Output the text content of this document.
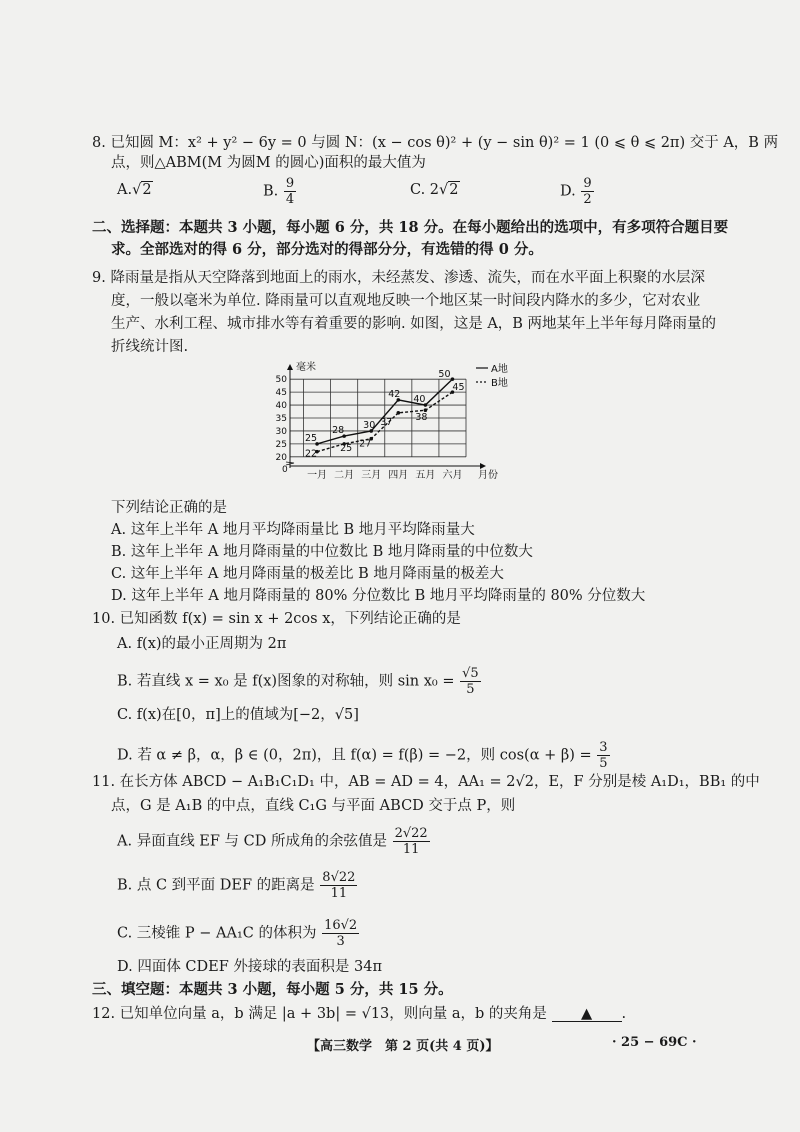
8. 已知圆 M：x² + y² − 6y = 0 与圆 N：(x − cos θ)² + (y − sin θ)² = 1 (0 ⩽ θ ⩽ 2π) 交于 A，B 两
点，则△ABM(M 为圆M 的圆心)面积的最大值为
A.√2	B. $\frac{9}{4}$	C. 2√2	D. $\frac{9}{2}$
二、选择题：本题共 3 小题，每小题 6 分，共 18 分。在每小题给出的选项中，有多项符合题目要
求。全部选对的得 6 分，部分选对的得部分分，有选错的得 0 分。
9. 降雨量是指从天空降落到地面上的雨水，未经蒸发、渗透、流失，而在水平面上积聚的水层深
度，一般以毫米为单位. 降雨量可以直观地反映一个地区某一时间段内降水的多少，它对农业
生产、水利工程、城市排水等有着重要的影响. 如图，这是 A，B 两地某年上半年每月降雨量的
折线统计图.
20
25
30
35
40
45
50
0
毫米
月份
一月 二月 三月 四月 五月 六月
25
28 30
42 40
50
22
25 27
37 38
45
A地
B地
下列结论正确的是
A. 这年上半年 A 地月平均降雨量比 B 地月平均降雨量大
B. 这年上半年 A 地月降雨量的中位数比 B 地月降雨量的中位数大
C. 这年上半年 A 地月降雨量的极差比 B 地月降雨量的极差大
D. 这年上半年 A 地月降雨量的 80% 分位数比 B 地月平均降雨量的 80% 分位数大
10. 已知函数 f(x) = sin x + 2cos x，下列结论正确的是
A. f(x)的最小正周期为 2π
B. 若直线 x = x₀ 是 f(x)图象的对称轴，则 $\sin x_0 = \frac{√5}{5}$
C. f(x)在[0，π]上的值域为[−2，√5]
D. 若 α ≠ β，α，β ∈ (0，2π)，且 f(α) = f(β) = −2，则 $\cos(\alpha + \beta) = \frac{3}{5}$
11. 在长方体 ABCD − A₁B₁C₁D₁ 中，AB = AD = 4，AA₁ = 2√2，E，F 分别是棱 A₁D₁，BB₁ 的中
点，G 是 A₁B 的中点，直线 C₁G 与平面 ABCD 交于点 P，则
A. 异面直线 EF 与 CD 所成角的余弦值是 $\frac{2√22}{11}$
B. 点 C 到平面 DEF 的距离是 $\frac{8√22}{11}$
C. 三棱锥 P − AA₁C 的体积为 $\frac{16√2}{3}$
D. 四面体 CDEF 外接球的表面积是 34π
三、填空题：本题共 3 小题，每小题 5 分，共 15 分。
12. 已知单位向量 a，b 满足 |a + 3b| = √13，则向量 a，b 的夹角是 ▲ .
【高三数学　第 2 页(共 4 页)】	· 25 − 69C ·
